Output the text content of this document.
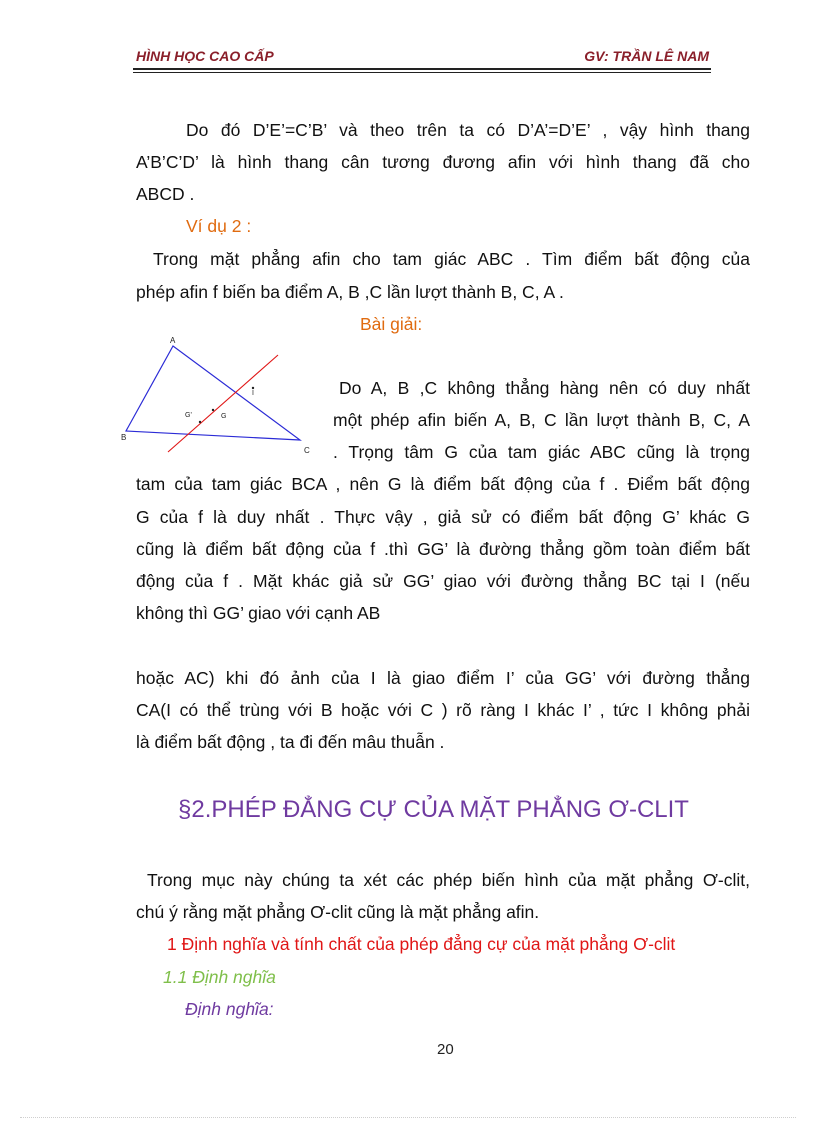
HÌNH HỌC CAO CẤP	GV: TRẦN LÊ NAM
Do đó D’E’=C’B’ và theo trên ta có D’A’=D’E’ , vậy hình thang
A’B’C’D’ là hình thang cân tương đương afin với hình thang đã cho
ABCD .
Ví dụ 2 :
Trong mặt phẳng afin cho tam giác ABC . Tìm điểm bất động của
phép afin f biến ba điểm A, B ,C lần lượt thành B, C, A .
Bài giải:
A
B
C
G
G'
I	Do A, B ,C không thẳng hàng nên có duy nhất
một phép afin biến A, B, C lần lượt thành B, C, A
. Trọng tâm G của tam giác ABC cũng là trọng
tam của tam giác BCA , nên G là điểm bất động của f . Điểm bất động
G của f là duy nhất . Thực vậy , giả sử có điểm bất động G’ khác G
cũng là điểm bất động của f .thì GG’ là đường thẳng gồm toàn điểm bất
động của f . Mặt khác giả sử GG’ giao với đường thẳng BC tại I (nếu
không thì GG’ giao với cạnh AB
hoặc AC) khi đó ảnh của I là giao điểm I’ của GG’ với đường thẳng
CA(I có thể trùng với B hoặc với C ) rõ ràng I khác I’ , tức I không phải
là điểm bất động , ta đi đến mâu thuẫn .
§2.PHÉP ĐẲNG CỰ CỦA MẶT PHẲNG Ơ-CLIT
Trong mục này chúng ta xét các phép biến hình của mặt phẳng Ơ-clit,
chú ý rằng mặt phẳng Ơ-clit cũng là mặt phẳng afin.
1 Định nghĩa và tính chất của phép đẳng cự của mặt phẳng Ơ-clit
1.1 Định nghĩa
Định nghĩa:
20
